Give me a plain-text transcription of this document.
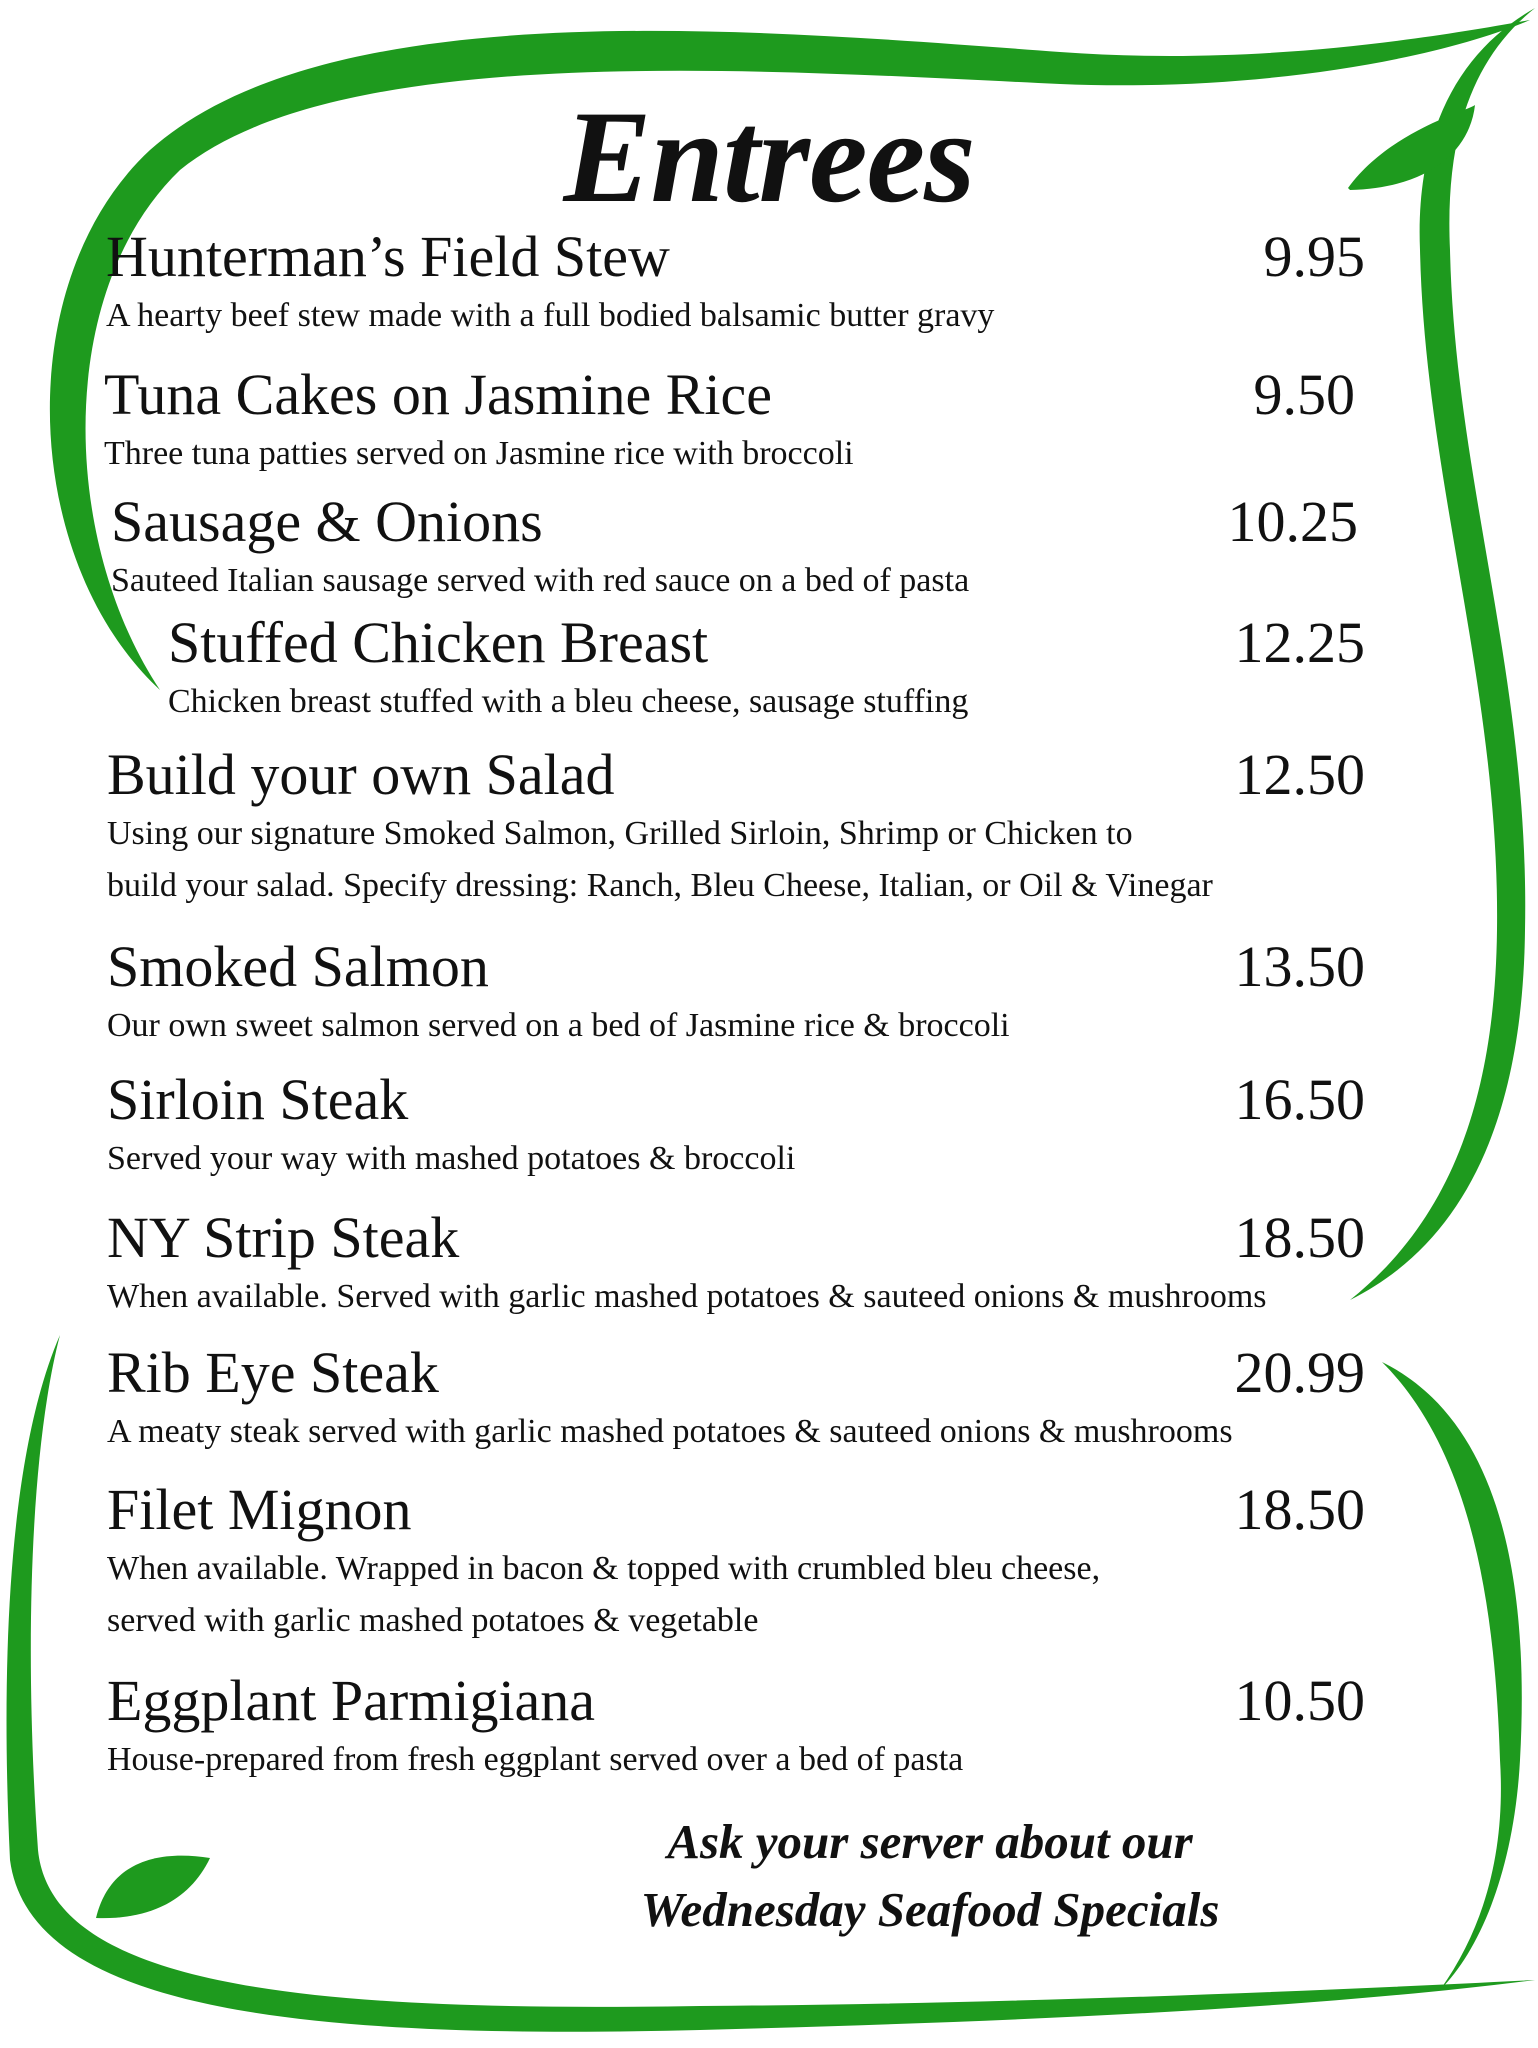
Entrees
Hunterman’s Field Stew	9.95
A hearty beef stew made with a full bodied balsamic butter gravy
Tuna Cakes on Jasmine Rice	9.50
Three tuna patties served on Jasmine rice with broccoli
Sausage & Onions	10.25
Sauteed Italian sausage served with red sauce on a bed of pasta
Stuffed Chicken Breast	12.25
Chicken breast stuffed with a bleu cheese, sausage stuffing
Build your own Salad	12.50
Using our signature Smoked Salmon, Grilled Sirloin, Shrimp or Chicken to
build your salad. Specify dressing: Ranch, Bleu Cheese, Italian, or Oil & Vinegar
Smoked Salmon	13.50
Our own sweet salmon served on a bed of Jasmine rice & broccoli
Sirloin Steak	16.50
Served your way with mashed potatoes & broccoli
NY Strip Steak	18.50
When available. Served with garlic mashed potatoes & sauteed onions & mushrooms
Rib Eye Steak	20.99
A meaty steak served with garlic mashed potatoes & sauteed onions & mushrooms
Filet Mignon	18.50
When available. Wrapped in bacon & topped with crumbled bleu cheese,
served with garlic mashed potatoes & vegetable
Eggplant Parmigiana	10.50
House-prepared from fresh eggplant served over a bed of pasta
Ask your server about our
Wednesday Seafood Specials
